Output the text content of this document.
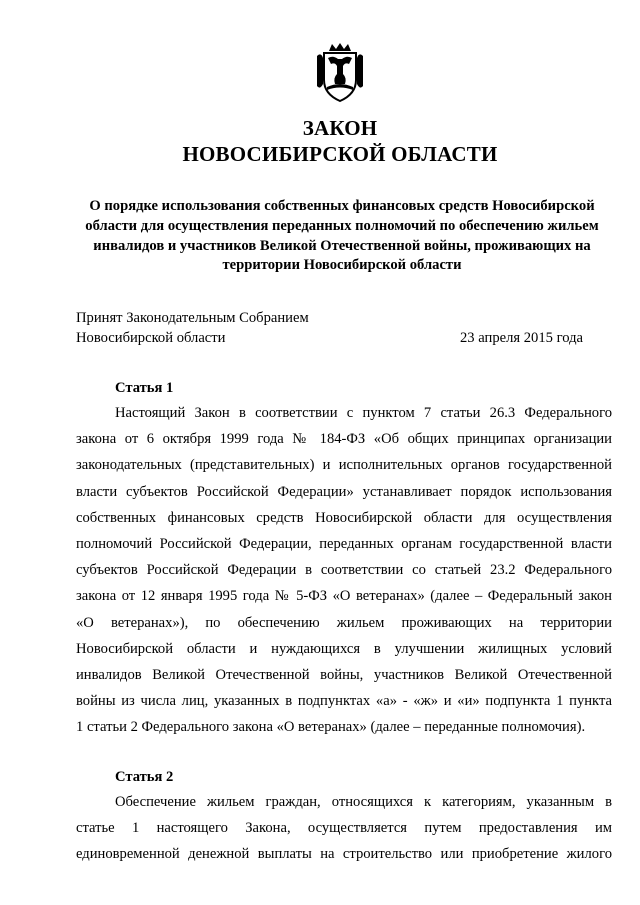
ЗАКОН
НОВОСИБИРСКОЙ ОБЛАСТИ
О порядке использования собственных финансовых средств Новосибирской
области для осуществления переданных полномочий по обеспечению жильем
инвалидов и участников Великой Отечественной войны, проживающих на
территории Новосибирской области
Принят Законодательным Собранием
Новосибирской области	23 апреля 2015 года
Статья 1
Настоящий Закон в соответствии с пунктом 7 статьи 26.3 Федерального
закона от 6 октября 1999 года № 184-ФЗ «Об общих принципах организации
законодательных (представительных) и исполнительных органов государственной
власти субъектов Российской Федерации» устанавливает порядок использования
собственных финансовых средств Новосибирской области для осуществления
полномочий Российской Федерации, переданных органам государственной власти
субъектов Российской Федерации в соответствии со статьей 23.2 Федерального
закона от 12 января 1995 года № 5-ФЗ «О ветеранах» (далее – Федеральный закон
«О ветеранах»), по обеспечению жильем проживающих на территории
Новосибирской области и нуждающихся в улучшении жилищных условий
инвалидов Великой Отечественной войны, участников Великой Отечественной
войны из числа лиц, указанных в подпунктах «а» - «ж» и «и» подпункта 1 пункта
1 статьи 2 Федерального закона «О ветеранах» (далее – переданные полномочия).
Статья 2
Обеспечение жильем граждан, относящихся к категориям, указанным в
статье 1 настоящего Закона, осуществляется путем предоставления им
единовременной денежной выплаты на строительство или приобретение жилого
